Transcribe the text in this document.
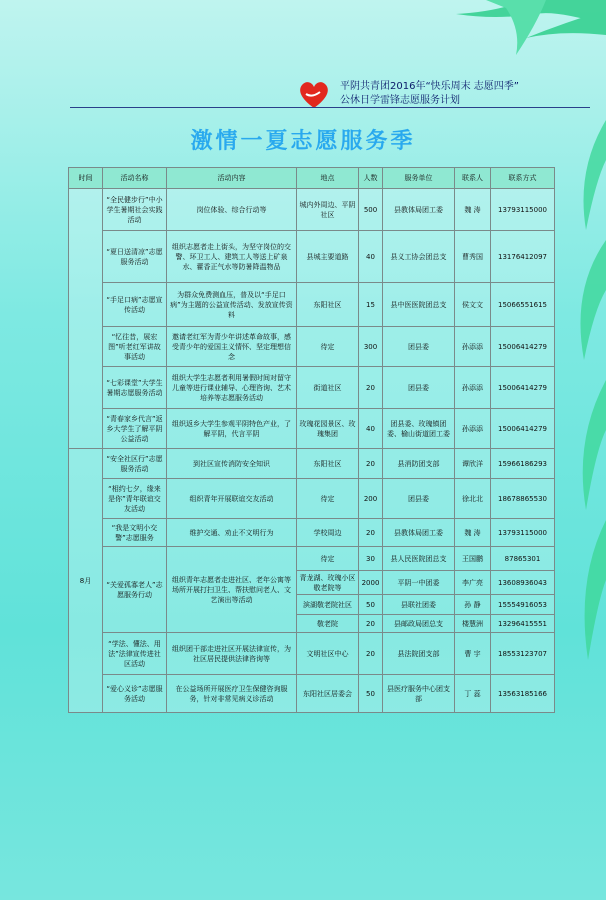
平阴共青团2016年“快乐周末 志愿四季”
公休日学雷锋志愿服务计划
激情一夏志愿服务季
时间	活动名称	活动内容	地点	人数	服务单位	联系人	联系方式
	“全民健步行”中小学生暑期社会实践活动	岗位体验、综合行动等	城内外周边、平阴社区	500	县教体局团工委	魏 涛	13793115000
	“夏日送清凉”志愿服务活动	组织志愿者走上街头，为坚守岗位的交警、环卫工人、建筑工人等送上矿泉水、藿香正气水等防暑降温物品	县城主要道路	40	县义工协会团总支	曹秀国	13176412097
	“手足口病”志愿宣传活动	为群众免费测血压，普及以“手足口病”为主题的公益宣传活动、发放宣传资料	东阳社区	15	县中医医院团总支	侯文文	15066551615
	“忆往昔，展宏图”听老红军讲故事活动	邀请老红军为青少年讲述革命故事，感受青少年的爱国主义情怀、坚定理想信念	待定	300	团县委	孙添添	15006414279
	“七彩课堂”大学生暑期志愿服务活动	组织大学生志愿者利用暑假时间对留守儿童等进行课业辅导、心理咨询、艺术培养等志愿服务活动	街道社区	20	团县委	孙添添	15006414279
	“青春家乡代言”返乡大学生了解平阴公益活动	组织返乡大学生参观平阴特色产业，了解平阴，代言平阴	玫瑰花园景区、玫瑰集团	40	团县委、玫瑰镇团委、榆山街道团工委	孙添添	15006414279
8月	“安全社区行”志愿服务活动	到社区宣传消防安全知识	东阳社区	20	县消防团支部	谭欣洋	15966186293
	“相约七夕，缘来是你”青年联谊交友活动	组织青年开展联谊交友活动	待定	200	团县委	徐北北	18678865530
	“我是文明小交警”志愿服务	维护交通、劝止不文明行为	学校周边	20	县教体局团工委	魏 涛	13793115000
	“关爱孤寡老人”志愿服务行动	组织青年志愿者走进社区、老年公寓等场所开展打扫卫生、帮扶慰问老人、文艺演出等活动	待定	30	县人民医院团总支	王国鹏	87865301
			青龙湖、玫瑰小区敬老院等	2000	平阴一中团委	李广亮	13608936043
			滨湖敬老院社区	50	县联社团委	孙 静	15554916053
			敬老院	20	县邮政局团总支	楼慧洲	13296415551
	“学法、懂法、用法”法律宣传进社区活动	组织团干部走进社区开展法律宣传，为社区居民提供法律咨询等	文明社区中心	20	县法院团支部	曹 宇	18553123707
	“爱心义诊”志愿服务活动	在公益场所开展医疗卫生保健咨询服务，针对非常见病义诊活动	东阳社区居委会	50	县医疗服务中心团支部	丁 蕊	13563185166
